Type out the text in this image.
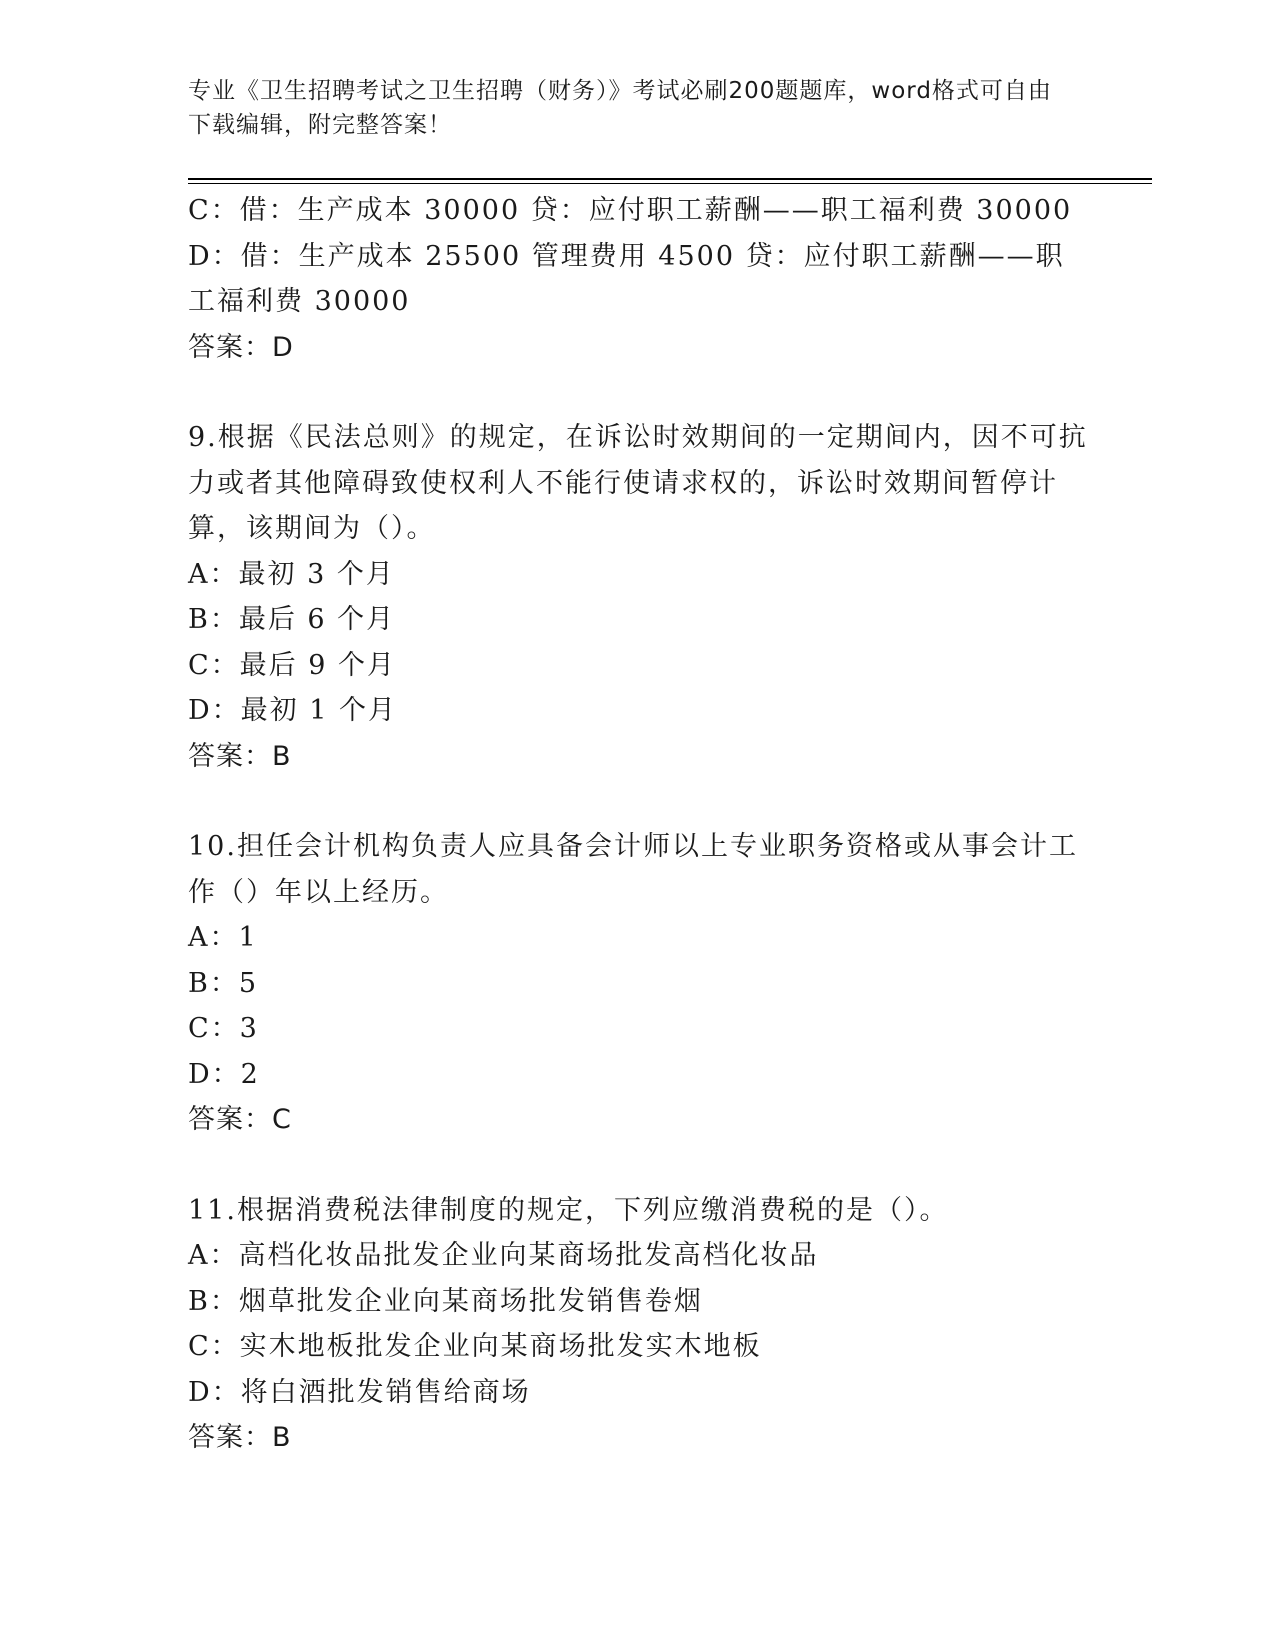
专业《卫生招聘考试之卫生招聘（财务）》考试必刷200题题库，word格式可自由下载编辑，附完整答案！
C：借：生产成本 30000 贷：应付职工薪酬——职工福利费 30000
D：借：生产成本 25500 管理费用 4500 贷：应付职工薪酬——职工福利费 30000
答案：D
9.根据《民法总则》的规定，在诉讼时效期间的一定期间内，因不可抗力或者其他障碍致使权利人不能行使请求权的，诉讼时效期间暂停计算，该期间为（）。
A：最初 3 个月
B：最后 6 个月
C：最后 9 个月
D：最初 1 个月
答案：B
10.担任会计机构负责人应具备会计师以上专业职务资格或从事会计工作（）年以上经历。
A：1
B：5
C：3
D：2
答案：C
11.根据消费税法律制度的规定，下列应缴消费税的是（）。
A：高档化妆品批发企业向某商场批发高档化妆品
B：烟草批发企业向某商场批发销售卷烟
C：实木地板批发企业向某商场批发实木地板
D：将白酒批发销售给商场
答案：B
